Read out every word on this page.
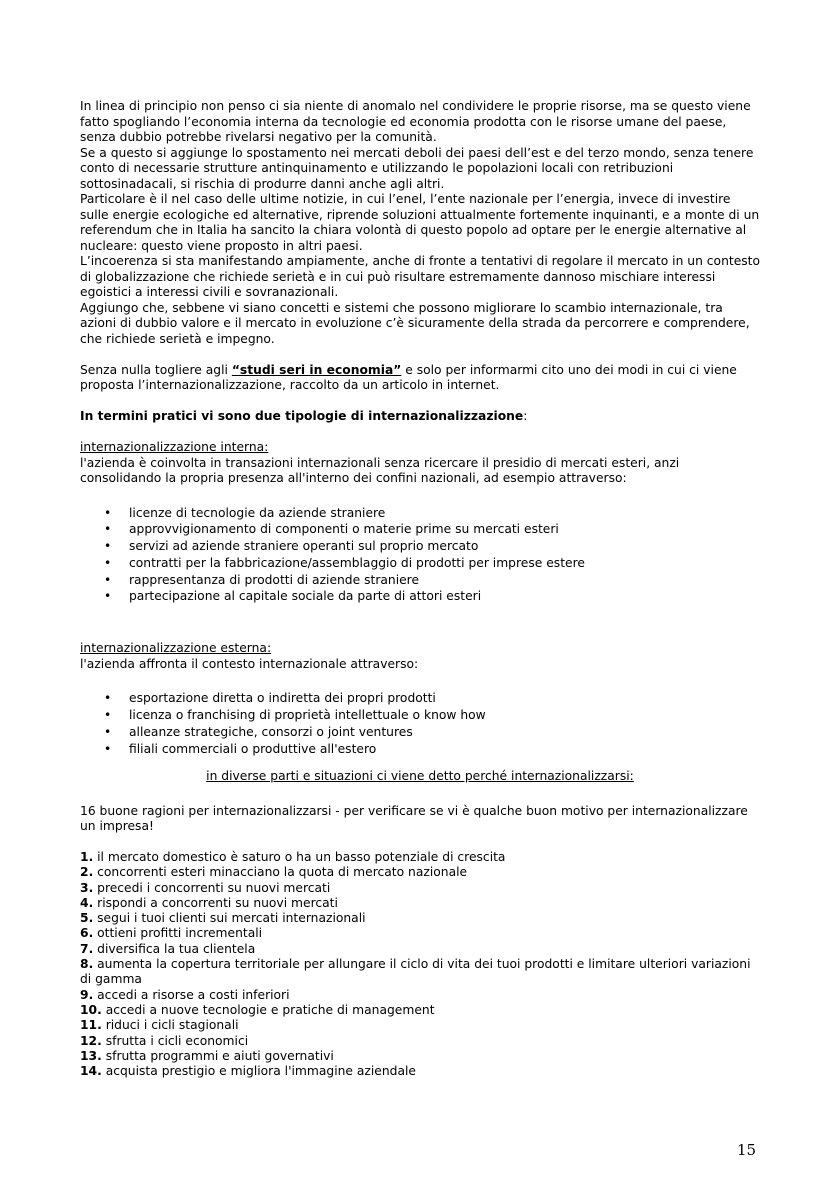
In linea di principio non penso ci sia niente di anomalo nel condividere le proprie risorse, ma se questo viene fatto spogliando l’economia interna da tecnologie ed economia prodotta con le risorse umane del paese, senza dubbio potrebbe rivelarsi negativo per la comunità.

Se a questo si aggiunge lo spostamento nei mercati deboli dei paesi dell’est e del terzo mondo, senza tenere conto di necessarie strutture antinquinamento e utilizzando le popolazioni locali con retribuzioni sottosinadacali, si rischia di produrre danni anche agli altri.

Particolare è il nel caso delle ultime notizie, in cui l’enel, l’ente nazionale per l’energia, invece di investire sulle energie ecologiche ed alternative, riprende soluzioni attualmente fortemente inquinanti, e a monte di un referendum che in Italia ha sancito la chiara volontà di questo popolo ad optare per le energie alternative al nucleare: questo viene proposto in altri paesi.

L’incoerenza si sta manifestando ampiamente, anche di fronte a tentativi di regolare il mercato in un contesto di globalizzazione che richiede serietà e in cui può risultare estremamente dannoso mischiare interessi egoistici a interessi civili e sovranazionali.

Aggiungo che, sebbene vi siano concetti e sistemi che possono migliorare lo scambio internazionale, tra azioni di dubbio valore e il mercato in evoluzione c’è sicuramente della strada da percorrere e comprendere, che richiede serietà e impegno.

Senza nulla togliere agli “studi seri in economia” e solo per informarmi cito uno dei modi in cui ci viene proposta l’internazionalizzazione, raccolto da un articolo in internet.

In termini pratici vi sono due tipologie di internazionalizzazione:

internazionalizzazione interna:

l'azienda è coinvolta in transazioni internazionali senza ricercare il presidio di mercati esteri, anzi consolidando la propria presenza all'interno dei confini nazionali, ad esempio attraverso:

• licenze di tecnologie da aziende straniere
• approvvigionamento di componenti o materie prime su mercati esteri
• servizi ad aziende straniere operanti sul proprio mercato
• contratti per la fabbricazione/assemblaggio di prodotti per imprese estere
• rappresentanza di prodotti di aziende straniere
• partecipazione al capitale sociale da parte di attori esteri

internazionalizzazione esterna:

l'azienda affronta il contesto internazionale attraverso:

• esportazione diretta o indiretta dei propri prodotti
• licenza o franchising di proprietà intellettuale o know how
• alleanze strategiche, consorzi o joint ventures
• filiali commerciali o produttive all'estero

in diverse parti e situazioni ci viene detto perché internazionalizzarsi:

16 buone ragioni per internazionalizzarsi - per verificare se vi è qualche buon motivo per internazionalizzare un impresa!

1. il mercato domestico è saturo o ha un basso potenziale di crescita
2. concorrenti esteri minacciano la quota di mercato nazionale
3. precedi i concorrenti su nuovi mercati
4. rispondi a concorrenti su nuovi mercati
5. segui i tuoi clienti sui mercati internazionali
6. ottieni profitti incrementali
7. diversifica la tua clientela
8. aumenta la copertura territoriale per allungare il ciclo di vita dei tuoi prodotti e limitare ulteriori variazioni di gamma
9. accedi a risorse a costi inferiori
10. accedi a nuove tecnologie e pratiche di management
11. riduci i cicli stagionali
12. sfrutta i cicli economici
13. sfrutta programmi e aiuti governativi
14. acquista prestigio e migliora l'immagine aziendale
15
